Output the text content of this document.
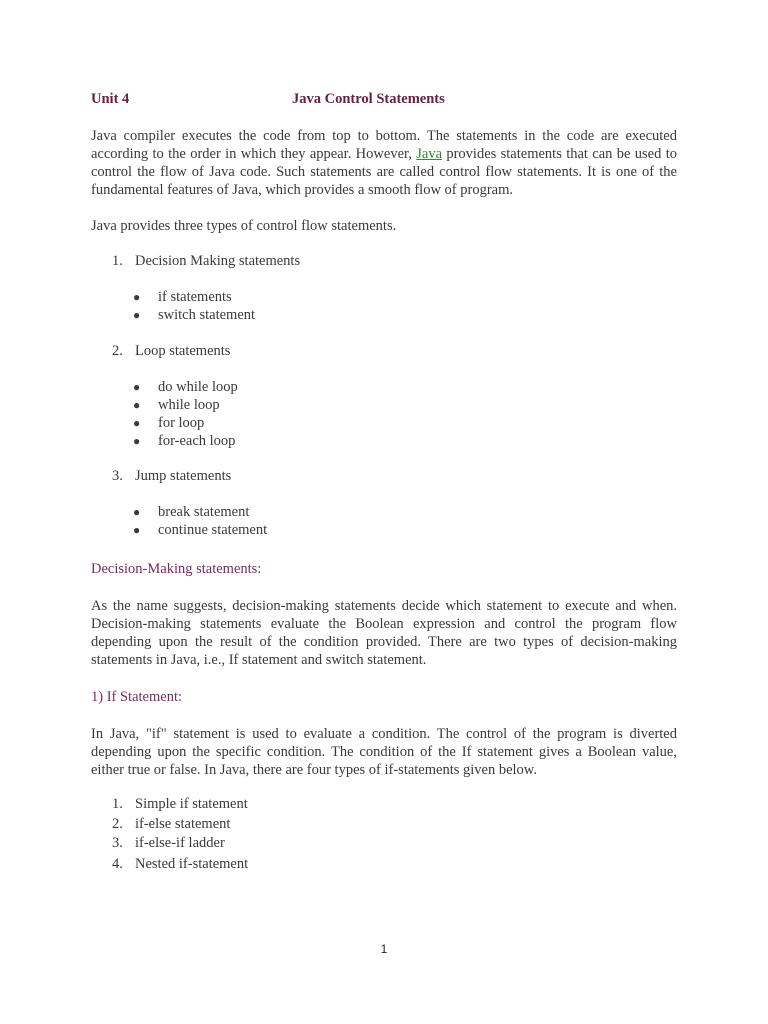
Unit 4	Java Control Statements

Java compiler executes the code from top to bottom. The statements in the code are executed according to the order in which they appear. However, Java provides statements that can be used to control the flow of Java code. Such statements are called control flow statements. It is one of the fundamental features of Java, which provides a smooth flow of program.

Java provides three types of control flow statements.

1. Decision Making statements
● if statements
● switch statement
2. Loop statements
● do while loop
● while loop
● for loop
● for-each loop
3. Jump statements
● break statement
● continue statement
Decision-Making statements:

As the name suggests, decision-making statements decide which statement to execute and when. Decision-making statements evaluate the Boolean expression and control the program flow depending upon the result of the condition provided. There are two types of decision-making statements in Java, i.e., If statement and switch statement.

1) If Statement:

In Java, "if" statement is used to evaluate a condition. The control of the program is diverted depending upon the specific condition. The condition of the If statement gives a Boolean value, either true or false. In Java, there are four types of if-statements given below.

1. Simple if statement
2. if-else statement
3. if-else-if ladder
4. Nested if-statement
1
